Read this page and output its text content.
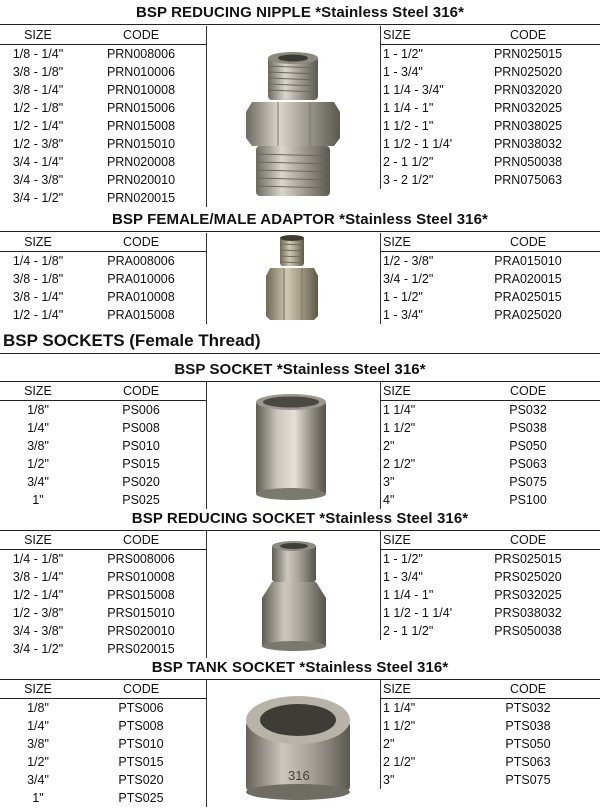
BSP REDUCING NIPPLE *Stainless Steel 316*
SIZE	CODE
1/8 - 1/4"	PRN008006
3/8 - 1/8"	PRN010006
3/8 - 1/4"	PRN010008
1/2 - 1/8"	PRN015006
1/2 - 1/4"	PRN015008
1/2 - 3/8"	PRN015010
3/4 - 1/4"	PRN020008
3/4 - 3/8"	PRN020010
3/4 - 1/2"	PRN020015
SIZE	CODE
1 - 1/2"	PRN025015
1 - 3/4"	PRN025020
1 1/4 - 3/4"	PRN032020
1 1/4 - 1"	PRN032025
1 1/2 - 1"	PRN038025
1 1/2 - 1 1/4'	PRN038032
2 - 1 1/2"	PRN050038
3 - 2 1/2"	PRN075063
BSP FEMALE/MALE ADAPTOR *Stainless Steel 316*
SIZE	CODE
1/4 - 1/8"	PRA008006
3/8 - 1/8"	PRA010006
3/8 - 1/4"	PRA010008
1/2 - 1/4"	PRA015008
SIZE	CODE
1/2 - 3/8"	PRA015010
3/4 - 1/2"	PRA020015
1 - 1/2"	PRA025015
1 - 3/4"	PRA025020
BSP SOCKETS (Female Thread)
BSP SOCKET *Stainless Steel 316*
SIZE	CODE
1/8"	PS006
1/4"	PS008
3/8"	PS010
1/2"	PS015
3/4"	PS020
1"	PS025
SIZE	CODE
1 1/4"	PS032
1 1/2"	PS038
2"	PS050
2 1/2"	PS063
3"	PS075
4"	PS100
BSP REDUCING SOCKET *Stainless Steel 316*
SIZE	CODE
1/4 - 1/8"	PRS008006
3/8 - 1/4"	PRS010008
1/2 - 1/4"	PRS015008
1/2 - 3/8"	PRS015010
3/4 - 3/8"	PRS020010
3/4 - 1/2"	PRS020015
SIZE	CODE
1 - 1/2"	PRS025015
1 - 3/4"	PRS025020
1 1/4 - 1"	PRS032025
1 1/2 - 1 1/4'	PRS038032
2 - 1 1/2"	PRS050038
BSP TANK SOCKET *Stainless Steel 316*
SIZE	CODE
1/8"	PTS006
1/4"	PTS008
3/8"	PTS010
1/2"	PTS015
3/4"	PTS020
1"	PTS025
SIZE	CODE
1 1/4"	PTS032
1 1/2"	PTS038
2"	PTS050
2 1/2"	PTS063
3"	PTS075
316
